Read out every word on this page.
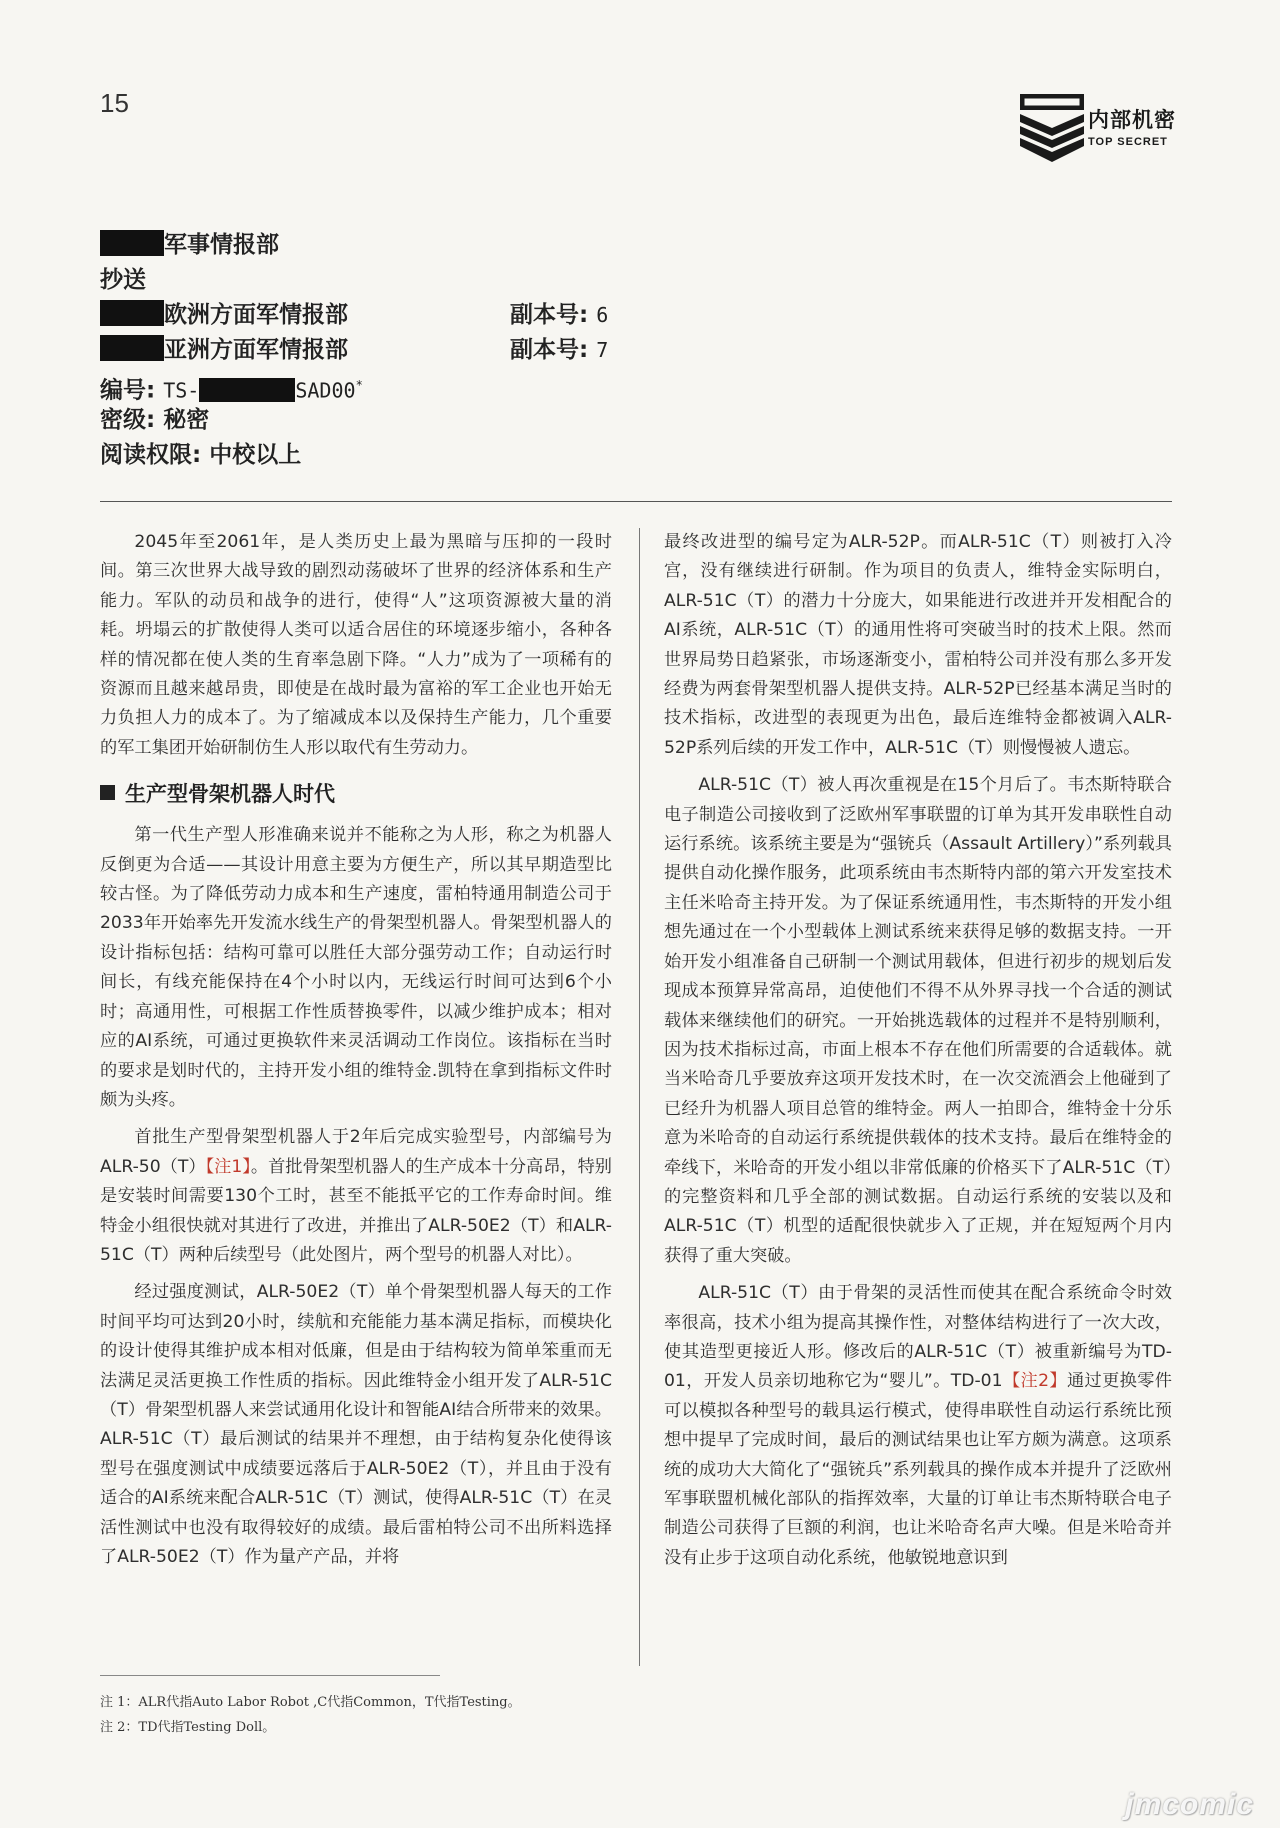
15
内部机密
TOP SECRET
军事情报部
抄送
欧洲方面军情报部	副本号: 6
亚洲方面军情报部	副本号: 7
编号: TS-	SAD00*
密级: 秘密
阅读权限: 中校以上

2045年至2061年，是人类历史上最为黑暗与压抑的一段时间。第三次世界大战导致的剧烈动荡破坏了世界的经济体系和生产能力。军队的动员和战争的进行，使得“人”这项资源被大量的消耗。坍塌云的扩散使得人类可以适合居住的环境逐步缩小，各种各样的情况都在使人类的生育率急剧下降。“人力”成为了一项稀有的资源而且越来越昂贵，即使是在战时最为富裕的军工企业也开始无力负担人力的成本了。为了缩减成本以及保持生产能力，几个重要的军工集团开始研制仿生人形以取代有生劳动力。

生产型骨架机器人时代

第一代生产型人形准确来说并不能称之为人形，称之为机器人反倒更为合适——其设计用意主要为方便生产，所以其早期造型比较古怪。为了降低劳动力成本和生产速度，雷柏特通用制造公司于2033年开始率先开发流水线生产的骨架型机器人。骨架型机器人的设计指标包括：结构可靠可以胜任大部分强劳动工作；自动运行时间长，有线充能保持在4个小时以内，无线运行时间可达到6个小时；高通用性，可根据工作性质替换零件，以减少维护成本；相对应的AI系统，可通过更换软件来灵活调动工作岗位。该指标在当时的要求是划时代的，主持开发小组的维特金.凯特在拿到指标文件时颇为头疼。

首批生产型骨架型机器人于2年后完成实验型号，内部编号为ALR-50（T）【注1】。首批骨架型机器人的生产成本十分高昂，特别是安装时间需要130个工时，甚至不能抵平它的工作寿命时间。维特金小组很快就对其进行了改进，并推出了ALR-50E2（T）和ALR-51C（T）两种后续型号（此处图片，两个型号的机器人对比）。

经过强度测试，ALR-50E2（T）单个骨架型机器人每天的工作时间平均可达到20小时，续航和充能能力基本满足指标，而模块化的设计使得其维护成本相对低廉，但是由于结构较为简单笨重而无法满足灵活更换工作性质的指标。因此维特金小组开发了ALR-51C（T）骨架型机器人来尝试通用化设计和智能AI结合所带来的效果。ALR-51C（T）最后测试的结果并不理想，由于结构复杂化使得该型号在强度测试中成绩要远落后于ALR-50E2（T），并且由于没有适合的AI系统来配合ALR-51C（T）测试，使得ALR-51C（T）在灵活性测试中也没有取得较好的成绩。最后雷柏特公司不出所料选择了ALR-50E2（T）作为量产产品，并将

最终改进型的编号定为ALR-52P。而ALR-51C（T）则被打入冷宫，没有继续进行研制。作为项目的负责人，维特金实际明白，ALR-51C（T）的潜力十分庞大，如果能进行改进并开发相配合的AI系统，ALR-51C（T）的通用性将可突破当时的技术上限。然而世界局势日趋紧张，市场逐渐变小，雷柏特公司并没有那么多开发经费为两套骨架型机器人提供支持。ALR-52P已经基本满足当时的技术指标，改进型的表现更为出色，最后连维特金都被调入ALR-52P系列后续的开发工作中，ALR-51C（T）则慢慢被人遗忘。

ALR-51C（T）被人再次重视是在15个月后了。韦杰斯特联合电子制造公司接收到了泛欧州军事联盟的订单为其开发串联性自动运行系统。该系统主要是为“强铳兵（Assault Artillery）”系列载具提供自动化操作服务，此项系统由韦杰斯特内部的第六开发室技术主任米哈奇主持开发。为了保证系统通用性，韦杰斯特的开发小组想先通过在一个小型载体上测试系统来获得足够的数据支持。一开始开发小组准备自己研制一个测试用载体，但进行初步的规划后发现成本预算异常高昂，迫使他们不得不从外界寻找一个合适的测试载体来继续他们的研究。一开始挑选载体的过程并不是特别顺利，因为技术指标过高，市面上根本不存在他们所需要的合适载体。就当米哈奇几乎要放弃这项开发技术时，在一次交流酒会上他碰到了已经升为机器人项目总管的维特金。两人一拍即合，维特金十分乐意为米哈奇的自动运行系统提供载体的技术支持。最后在维特金的牵线下，米哈奇的开发小组以非常低廉的价格买下了ALR-51C（T）的完整资料和几乎全部的测试数据。自动运行系统的安装以及和ALR-51C（T）机型的适配很快就步入了正规，并在短短两个月内获得了重大突破。

ALR-51C（T）由于骨架的灵活性而使其在配合系统命令时效率很高，技术小组为提高其操作性，对整体结构进行了一次大改，使其造型更接近人形。修改后的ALR-51C（T）被重新编号为TD-01，开发人员亲切地称它为“婴儿”。TD-01【注2】通过更换零件可以模拟各种型号的载具运行模式，使得串联性自动运行系统比预想中提早了完成时间，最后的测试结果也让军方颇为满意。这项系统的成功大大简化了“强铳兵”系列载具的操作成本并提升了泛欧州军事联盟机械化部队的指挥效率，大量的订单让韦杰斯特联合电子制造公司获得了巨额的利润，也让米哈奇名声大噪。但是米哈奇并没有止步于这项自动化系统，他敏锐地意识到

注 1：ALR代指Auto Labor Robot ,C代指Common，T代指Testing。
注 2：TD代指Testing Doll。
jmcomic
